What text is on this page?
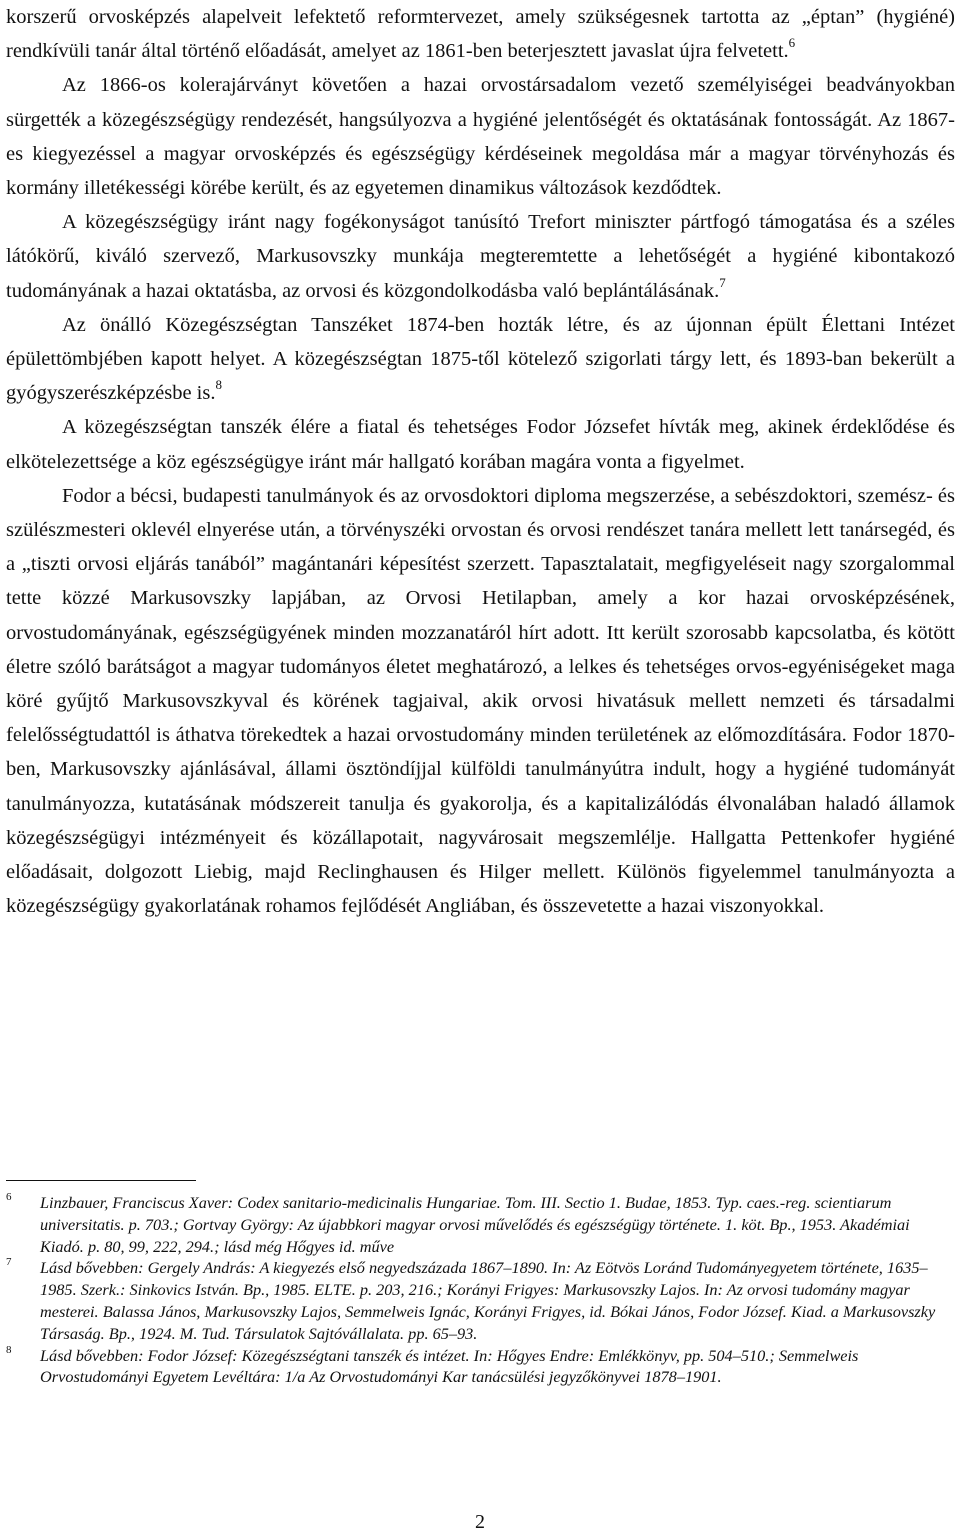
korszerű orvosképzés alapelveit lefektető reformtervezet, amely szükségesnek tartotta az „éptan” (hygiéné) rendkívüli tanár által történő előadását, amelyet az 1861-ben beterjesztett javaslat újra felvetett.$^6$

Az 1866-os kolerajárványt követően a hazai orvostársadalom vezető személyiségei beadványokban sürgették a közegészségügy rendezését, hangsúlyozva a hygiéné jelentőségét és oktatásának fontosságát. Az 1867-es kiegyezéssel a magyar orvosképzés és egészségügy kérdéseinek megoldása már a magyar törvényhozás és kormány illetékességi körébe került, és az egyetemen dinamikus változások kezdődtek.

A közegészségügy iránt nagy fogékonyságot tanúsító Trefort miniszter pártfogó támogatása és a széles látókörű, kiváló szervező, Markusovszky munkája megteremtette a lehetőségét a hygiéné kibontakozó tudományának a hazai oktatásba, az orvosi és közgondolkodásba való beplántálásának.$^7$

Az önálló Közegészségtan Tanszéket 1874-ben hozták létre, és az újonnan épült Élettani Intézet épülettömbjében kapott helyet. A közegészségtan 1875-től kötelező szigorlati tárgy lett, és 1893-ban bekerült a gyógyszerészképzésbe is.$^8$

A közegészségtan tanszék élére a fiatal és tehetséges Fodor Józsefet hívták meg, akinek érdeklődése és elkötelezettsége a köz egészségügye iránt már hallgató korában magára vonta a figyelmet.

Fodor a bécsi, budapesti tanulmányok és az orvosdoktori diploma megszerzése, a sebészdoktori, szemész- és szülészmesteri oklevél elnyerése után, a törvényszéki orvostan és orvosi rendészet tanára mellett lett tanársegéd, és a „tiszti orvosi eljárás tanából” magántanári képesítést szerzett. Tapasztalatait, megfigyeléseit nagy szorgalommal tette közzé Markusovszky lapjában, az Orvosi Hetilapban, amely a kor hazai orvosképzésének, orvostudományának, egészségügyének minden mozzanatáról hírt adott. Itt került szorosabb kapcsolatba, és kötött életre szóló barátságot a magyar tudományos életet meghatározó, a lelkes és tehetséges orvos-egyéniségeket maga köré gyűjtő Markusovszkyval és körének tagjaival, akik orvosi hivatásuk mellett nemzeti és társadalmi felelősségtudattól is áthatva törekedtek a hazai orvostudomány minden területének az előmozdítására. Fodor 1870-ben, Markusovszky ajánlásával, állami ösztöndíjjal külföldi tanulmányútra indult, hogy a hygiéné tudományát tanulmányozza, kutatásának módszereit tanulja és gyakorolja, és a kapitalizálódás élvonalában haladó államok közegészségügyi intézményeit és közállapotait, nagyvárosait megszemlélje. Hallgatta Pettenkofer hygiéné előadásait, dolgozott Liebig, majd Reclinghausen és Hilger mellett. Különös figyelemmel tanulmányozta a közegészségügy gyakorlatának rohamos fejlődését Angliában, és összevetette a hazai viszonyokkal.

6 Linzbauer, Franciscus Xaver: Codex sanitario-medicinalis Hungariae. Tom. III. Sectio 1. Budae, 1853. Typ. caes.-reg. scientiarum universitatis. p. 703.; Gortvay György: Az újabbkori magyar orvosi művelődés és egészségügy története. 1. köt. Bp., 1953. Akadémiai Kiadó. p. 80, 99, 222, 294.; lásd még Hőgyes id. műve
7 Lásd bővebben: Gergely András: A kiegyezés első negyedszázada 1867–1890. In: Az Eötvös Loránd Tudományegyetem története, 1635–1985. Szerk.: Sinkovics István. Bp., 1985. ELTE. p. 203, 216.; Korányi Frigyes: Markusovszky Lajos. In: Az orvosi tudomány magyar mesterei. Balassa János, Markusovszky Lajos, Semmelweis Ignác, Korányi Frigyes, id. Bókai János, Fodor József. Kiad. a Markusovszky Társaság. Bp., 1924. M. Tud. Társulatok Sajtóvállalata. pp. 65–93.
8 Lásd bővebben: Fodor József: Közegészségtani tanszék és intézet. In: Hőgyes Endre: Emlékkönyv, pp. 504–510.; Semmelweis Orvostudományi Egyetem Levéltára: 1/a Az Orvostudományi Kar tanácsülési jegyzőkönyvei 1878–1901.
2
